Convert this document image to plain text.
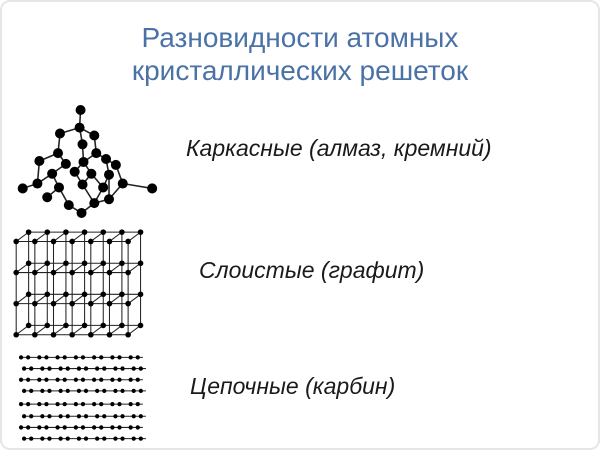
Разновидности атомных
кристаллических решеток
Каркасные (алмаз, кремний)
Слоистые (графит)
Цепочные (карбин)
